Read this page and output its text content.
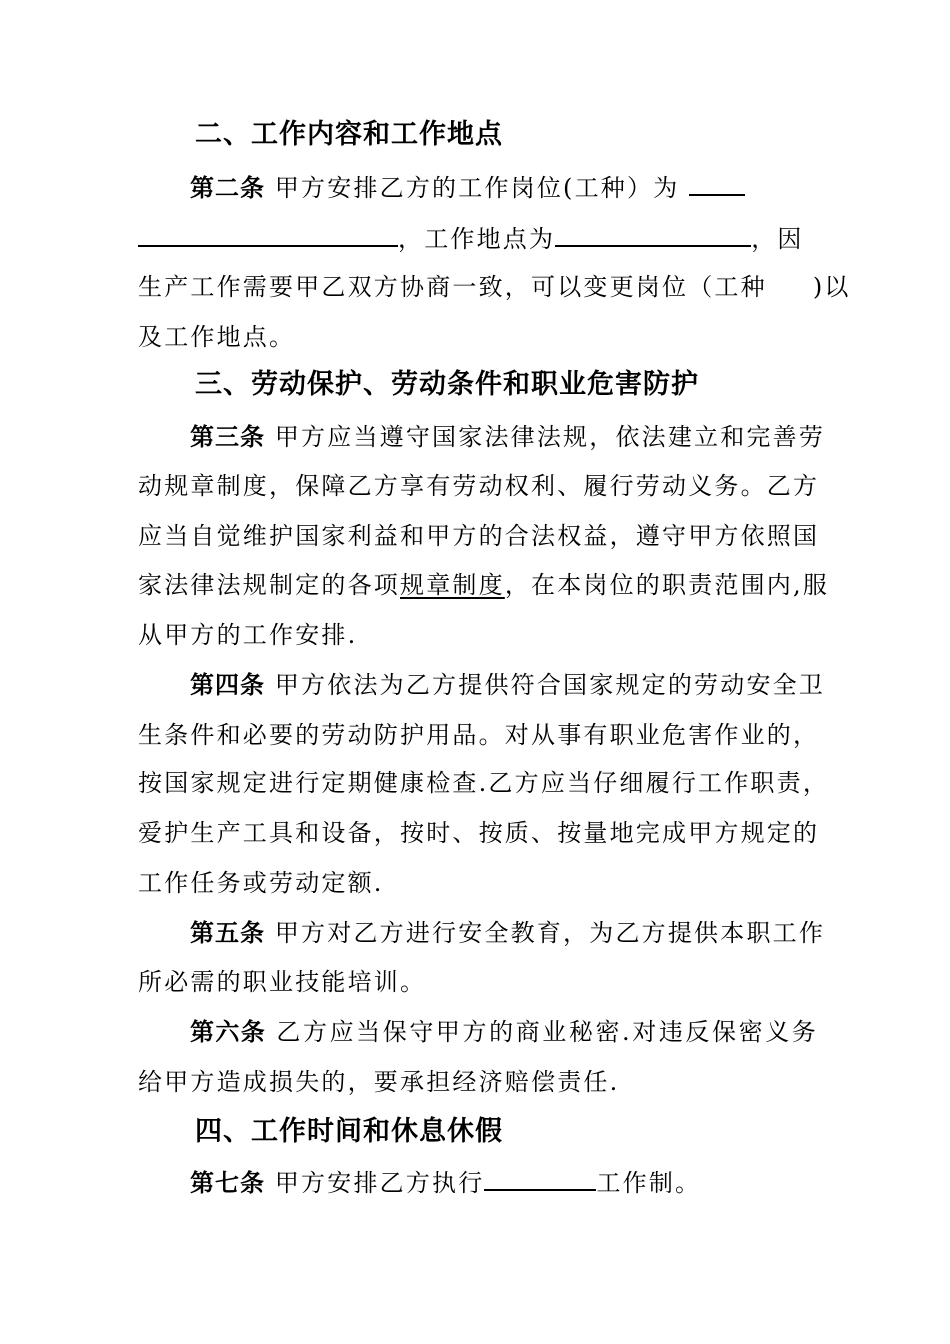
二、工作内容和工作地点
第二条 甲方安排乙方的工作岗位(工种）为
，工作地点为	，因
生产工作需要甲乙双方协商一致，可以变更岗位（工种 )以
及工作地点。
三、劳动保护、劳动条件和职业危害防护
第三条 甲方应当遵守国家法律法规，依法建立和完善劳
动规章制度，保障乙方享有劳动权利、履行劳动义务。乙方
应当自觉维护国家利益和甲方的合法权益，遵守甲方依照国
家法律法规制定的各项规章制度，在本岗位的职责范围内,服
从甲方的工作安排.
第四条 甲方依法为乙方提供符合国家规定的劳动安全卫
生条件和必要的劳动防护用品。对从事有职业危害作业的，
按国家规定进行定期健康检查.乙方应当仔细履行工作职责，
爱护生产工具和设备，按时、按质、按量地完成甲方规定的
工作任务或劳动定额.
第五条 甲方对乙方进行安全教育，为乙方提供本职工作
所必需的职业技能培训。
第六条 乙方应当保守甲方的商业秘密.对违反保密义务
给甲方造成损失的，要承担经济赔偿责任.
四、工作时间和休息休假
第七条 甲方安排乙方执行	工作制。
